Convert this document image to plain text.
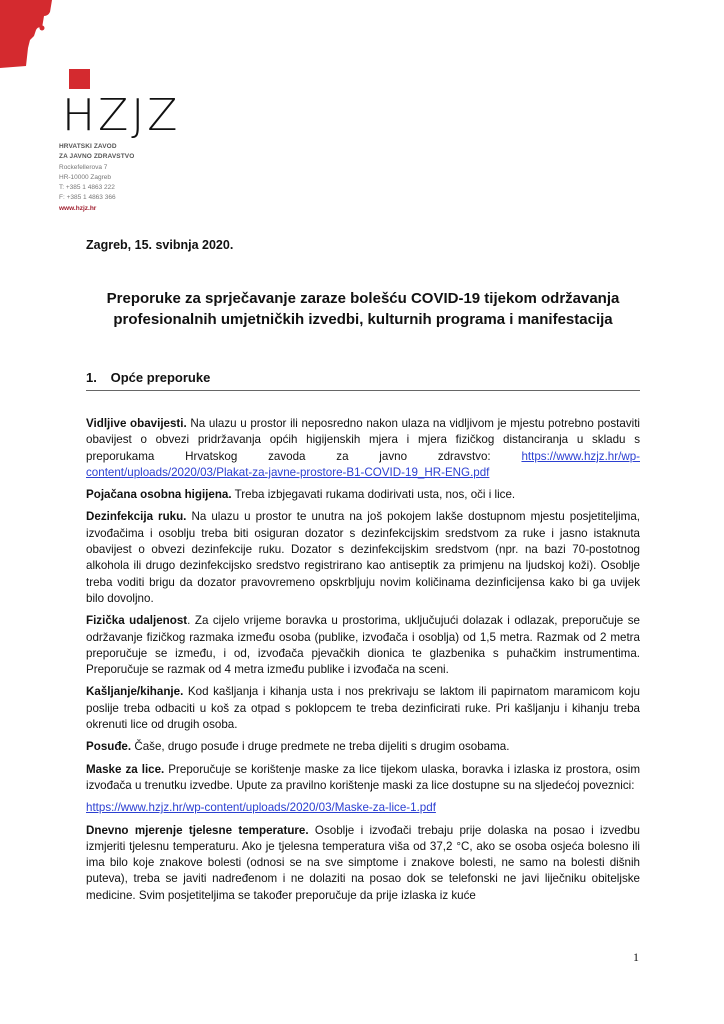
HZJZ
HRVATSKI ZAVOD
ZA JAVNO ZDRAVSTVO
Rockefellerova 7
HR-10000 Zagreb
T: +385 1 4863 222
F: +385 1 4863 366
www.hzjz.hr
Zagreb, 15. svibnja 2020.
Preporuke za sprječavanje zaraze bolešću COVID-19 tijekom održavanja profesionalnih umjetničkih izvedbi, kulturnih programa i manifestacija
1. Opće preporuke

Vidljive obavijesti. Na ulazu u prostor ili neposredno nakon ulaza na vidljivom je mjestu potrebno postaviti obavijest o obvezi pridržavanja općih higijenskih mjera i mjera fizičkog distanciranja u skladu s preporukama Hrvatskog zavoda za javno zdravstvo: https://www.hzjz.hr/wp-content/uploads/2020/03/Plakat-za-javne-prostore-B1-COVID-19_HR-ENG.pdf

Pojačana osobna higijena. Treba izbjegavati rukama dodirivati usta, nos, oči i lice.

Dezinfekcija ruku. Na ulazu u prostor te unutra na još pokojem lakše dostupnom mjestu posjetiteljima, izvođačima i osoblju treba biti osiguran dozator s dezinfekcijskim sredstvom za ruke i jasno istaknuta obavijest o obvezi dezinfekcije ruku. Dozator s dezinfekcijskim sredstvom (npr. na bazi 70-postotnog alkohola ili drugo dezinfekcijsko sredstvo registrirano kao antiseptik za primjenu na ljudskoj koži). Osoblje treba voditi brigu da dozator pravovremeno opskrbljuju novim količinama dezinficijensa kako bi ga uvijek bilo dovoljno.

Fizička udaljenost. Za cijelo vrijeme boravka u prostorima, uključujući dolazak i odlazak, preporučuje se održavanje fizičkog razmaka između osoba (publike, izvođača i osoblja) od 1,5 metra. Razmak od 2 metra preporučuje se između, i od, izvođača pjevačkih dionica te glazbenika s puhačkim instrumentima. Preporučuje se razmak od 4 metra između publike i izvođača na sceni.

Kašljanje/kihanje. Kod kašljanja i kihanja usta i nos prekrivaju se laktom ili papirnatom maramicom koju poslije treba odbaciti u koš za otpad s poklopcem te treba dezinficirati ruke. Pri kašljanju i kihanju treba okrenuti lice od drugih osoba.

Posuđe. Čaše, drugo posuđe i druge predmete ne treba dijeliti s drugim osobama.

Maske za lice. Preporučuje se korištenje maske za lice tijekom ulaska, boravka i izlaska iz prostora, osim izvođača u trenutku izvedbe. Upute za pravilno korištenje maski za lice dostupne su na sljedećoj poveznici:

https://www.hzjz.hr/wp-content/uploads/2020/03/Maske-za-lice-1.pdf

Dnevno mjerenje tjelesne temperature. Osoblje i izvođači trebaju prije dolaska na posao i izvedbu izmjeriti tjelesnu temperaturu. Ako je tjelesna temperatura viša od 37,2 °C, ako se osoba osjeća bolesno ili ima bilo koje znakove bolesti (odnosi se na sve simptome i znakove bolesti, ne samo na bolesti dišnih puteva), treba se javiti nadređenom i ne dolaziti na posao dok se telefonski ne javi liječniku obiteljske medicine. Svim posjetiteljima se također preporučuje da prije izlaska iz kuće

1
